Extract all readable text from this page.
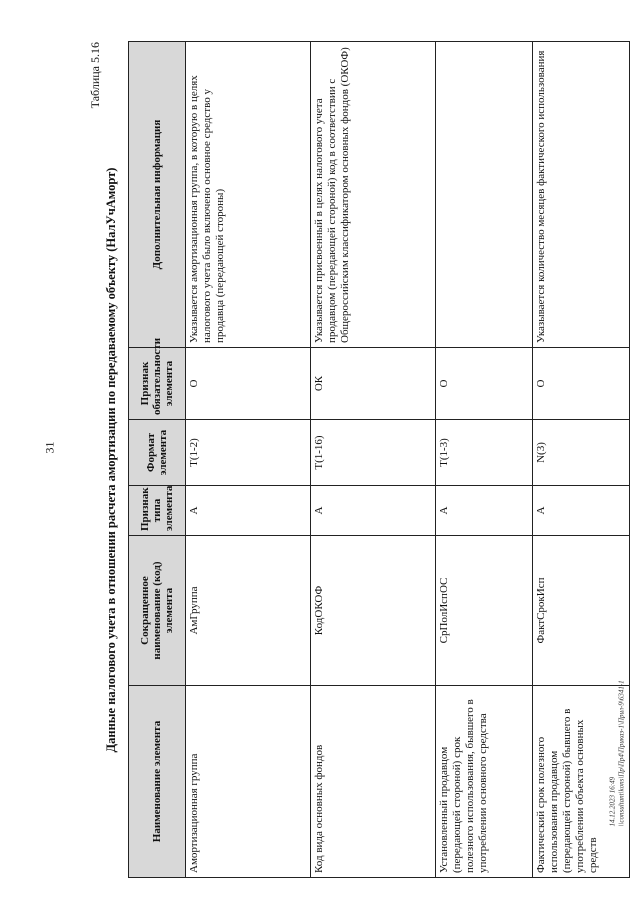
31
14.12.2023 16:49 \\consultant\kons\Пр\Пр4\Приказ-1\Прил-9\6341-1
Таблица 5.16
Данные налогового учета в отношении расчета амортизации по передаваемому объекту (НалУчАморт)
Наименование элемента	Сокращенное наименование (код) элемента	Признак типа элемента	Формат элемента	Признак обязательности элемента	Дополнительная информация
Амортизационная группа	АмГруппа	А	T(1-2)	О	Указывается амортизационная группа, в которую в целях налогового учета было включено основное средство у продавца (передающей стороны)
Код вида основных фондов	КодОКОФ	А	T(1-16)	ОК	Указывается присвоенный в целях налогового учета продавцом (передающей стороной) код в соответствии с Общероссийским классификатором основных фондов (ОКОФ)
Установленный продавцом (передающей стороной) срок полезного использования, бывшего в употреблении основного средства	СрПолИспОС	А	T(1-3)	О	
Фактический срок полезного использования продавцом (передающей стороной) бывшего в употреблении объекта основных средств	ФактСрокИсп	А	N(3)	О	Указывается количество месяцев фактического использования
